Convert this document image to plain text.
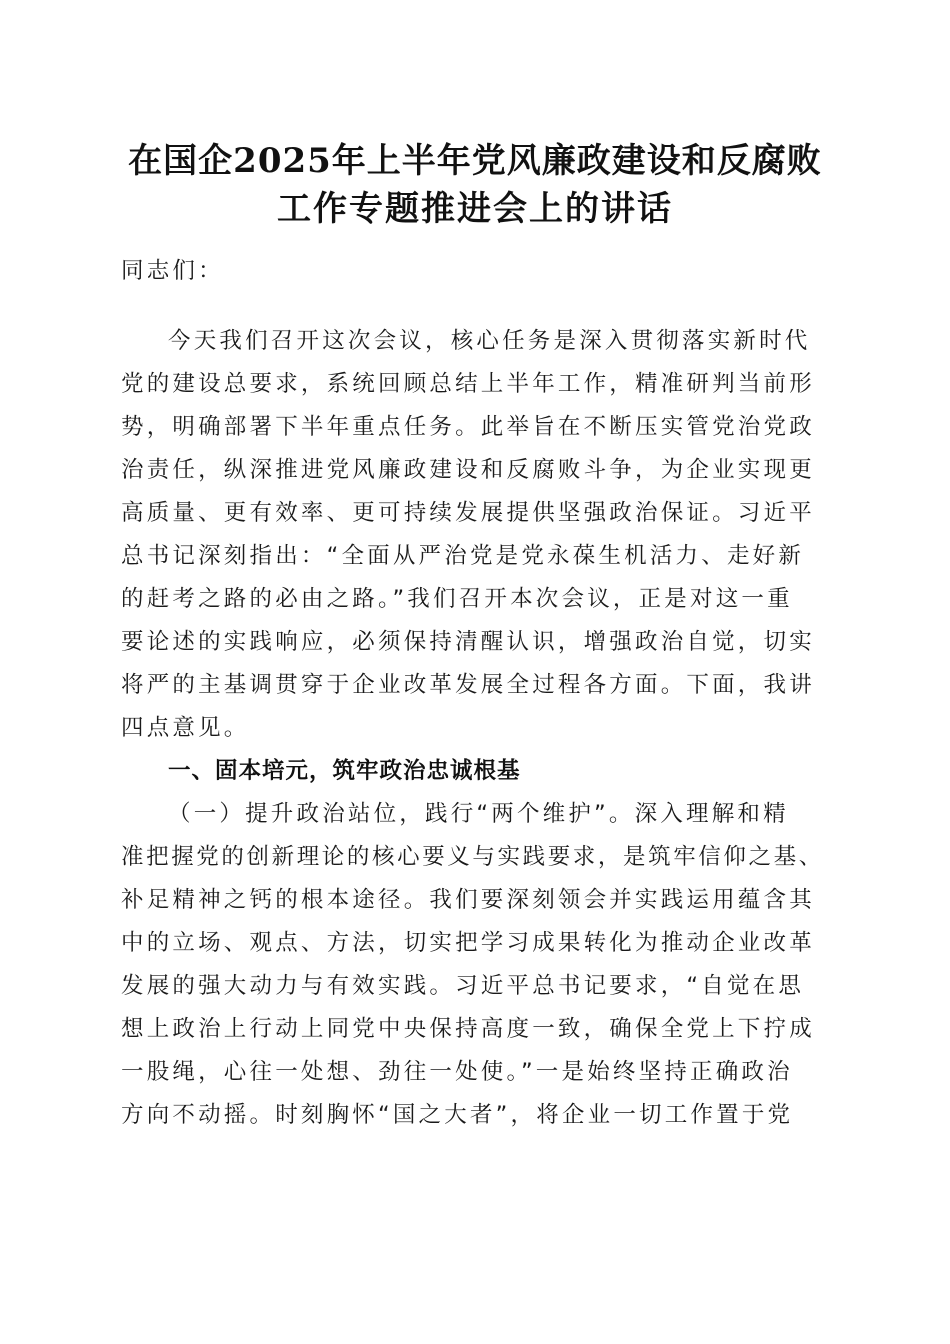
在国企2025年上半年党风廉政建设和反腐败
工作专题推进会上的讲话
同志们：
今天我们召开这次会议，核心任务是深入贯彻落实新时代
党的建设总要求，系统回顾总结上半年工作，精准研判当前形
势，明确部署下半年重点任务。此举旨在不断压实管党治党政
治责任，纵深推进党风廉政建设和反腐败斗争，为企业实现更
高质量、更有效率、更可持续发展提供坚强政治保证。习近平
总书记深刻指出：“全面从严治党是党永葆生机活力、走好新
的赶考之路的必由之路。”我们召开本次会议，正是对这一重
要论述的实践响应，必须保持清醒认识，增强政治自觉，切实
将严的主基调贯穿于企业改革发展全过程各方面。下面，我讲
四点意见。
一、固本培元，筑牢政治忠诚根基
（一）提升政治站位，践行“两个维护”。深入理解和精
准把握党的创新理论的核心要义与实践要求，是筑牢信仰之基、
补足精神之钙的根本途径。我们要深刻领会并实践运用蕴含其
中的立场、观点、方法，切实把学习成果转化为推动企业改革
发展的强大动力与有效实践。习近平总书记要求，“自觉在思
想上政治上行动上同党中央保持高度一致，确保全党上下拧成
一股绳，心往一处想、劲往一处使。”一是始终坚持正确政治
方向不动摇。时刻胸怀“国之大者”，将企业一切工作置于党
